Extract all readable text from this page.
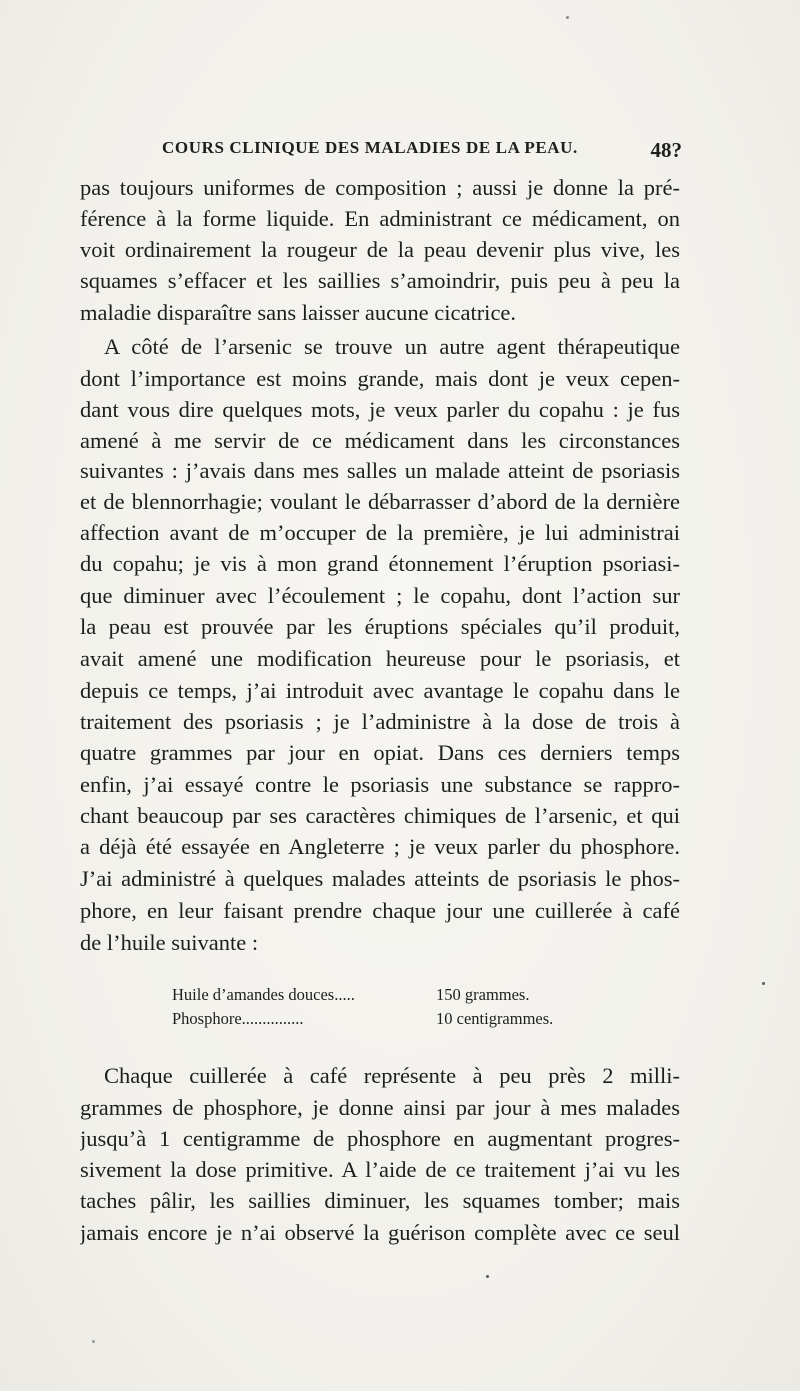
COURS CLINIQUE DES MALADIES DE LA PEAU.	48?
pas toujours uniformes de composition ; aussi je donne la pré-
férence à la forme liquide. En administrant ce médicament, on
voit ordinairement la rougeur de la peau devenir plus vive, les
squames s’effacer et les saillies s’amoindrir, puis peu à peu la
maladie disparaître sans laisser aucune cicatrice.
A côté de l’arsenic se trouve un autre agent thérapeutique
dont l’importance est moins grande, mais dont je veux cepen-
dant vous dire quelques mots, je veux parler du copahu : je fus
amené à me servir de ce médicament dans les circonstances
suivantes : j’avais dans mes salles un malade atteint de psoriasis
et de blennorrhagie; voulant le débarrasser d’abord de la dernière
affection avant de m’occuper de la première, je lui administrai
du copahu; je vis à mon grand étonnement l’éruption psoriasi-
que diminuer avec l’écoulement ; le copahu, dont l’action sur
la peau est prouvée par les éruptions spéciales qu’il produit,
avait amené une modification heureuse pour le psoriasis, et
depuis ce temps, j’ai introduit avec avantage le copahu dans le
traitement des psoriasis ; je l’administre à la dose de trois à
quatre grammes par jour en opiat. Dans ces derniers temps
enfin, j’ai essayé contre le psoriasis une substance se rappro-
chant beaucoup par ses caractères chimiques de l’arsenic, et qui
a déjà été essayée en Angleterre ; je veux parler du phosphore.
J’ai administré à quelques malades atteints de psoriasis le phos-
phore, en leur faisant prendre chaque jour une cuillerée à café
de l’huile suivante :
Huile d’amandes douces.....	150 grammes.
Phosphore...............	10 centigrammes.
Chaque cuillerée à café représente à peu près 2 milli-
grammes de phosphore, je donne ainsi par jour à mes malades
jusqu’à 1 centigramme de phosphore en augmentant progres-
sivement la dose primitive. A l’aide de ce traitement j’ai vu les
taches pâlir, les saillies diminuer, les squames tomber; mais
jamais encore je n’ai observé la guérison complète avec ce seul
